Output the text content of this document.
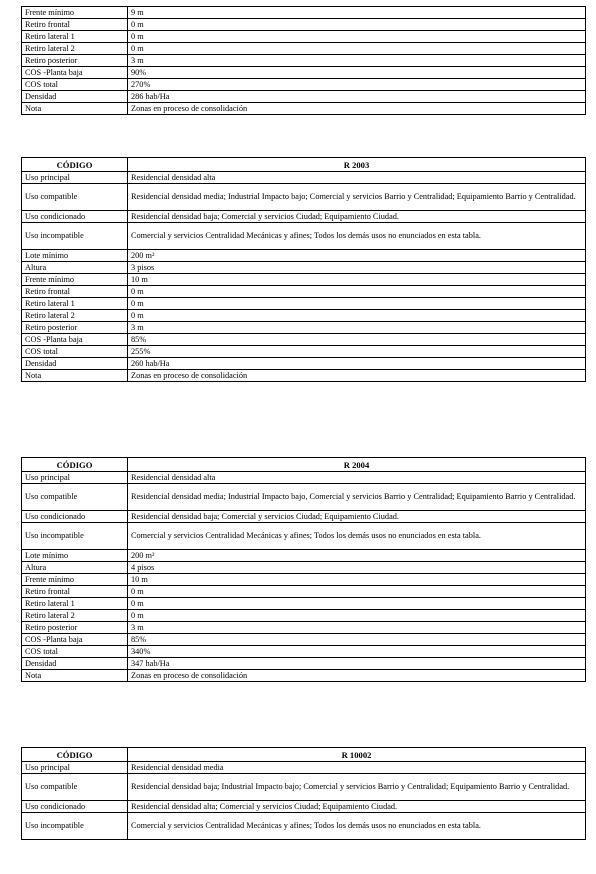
Frente mínimo	9 m
Retiro frontal	0 m
Retiro lateral 1	0 m
Retiro lateral 2	0 m
Retiro posterior	3 m
COS -Planta baja	90%
COS total	270%
Densidad	286 hab/Ha
Nota	Zonas en proceso de consolidación
CÓDIGO	R 2003
Uso principal	Residencial densidad alta
Uso compatible	Residencial densidad media; Industrial Impacto bajo; Comercial y servicios Barrio y Centralidad; Equipamiento Barrio y Centralidad.
Uso condicionado	Residencial densidad baja; Comercial y servicios Ciudad; Equipamiento Ciudad.
Uso incompatible	Comercial y servicios Centralidad Mecánicas y afines; Todos los demás usos no enunciados en esta tabla.
Lote mínimo	200 m²
Altura	3 pisos
Frente mínimo	10 m
Retiro frontal	0 m
Retiro lateral 1	0 m
Retiro lateral 2	0 m
Retiro posterior	3 m
COS -Planta baja	85%
COS total	255%
Densidad	260 hab/Ha
Nota	Zonas en proceso de consolidación
CÓDIGO	R 2004
Uso principal	Residencial densidad alta
Uso compatible	Residencial densidad media; Industrial Impacto bajo, Comercial y servicios Barrio y Centralidad; Equipamiento Barrio y Centralidad.
Uso condicionado	Residencial densidad baja; Comercial y servicios Ciudad; Equipamiento Ciudad.
Uso incompatible	Comercial y servicios Centralidad Mecánicas y afines; Todos los demás usos no enunciados en esta tabla.
Lote mínimo	200 m²
Altura	4 pisos
Frente mínimo	10 m
Retiro frontal	0 m
Retiro lateral 1	0 m
Retiro lateral 2	0 m
Retiro posterior	3 m
COS -Planta baja	85%
COS total	340%
Densidad	347 hab/Ha
Nota	Zonas en proceso de consolidación
CÓDIGO	R 10002
Uso principal	Residencial densidad media
Uso compatible	Residencial densidad baja; Industrial Impacto bajo; Comercial y servicios Barrio y Centralidad; Equipamiento Barrio y Centralidad.
Uso condicionado	Residencial densidad alta; Comercial y servicios Ciudad; Equipamiento Ciudad.
Uso incompatible	Comercial y servicios Centralidad Mecánicas y afines; Todos los demás usos no enunciados en esta tabla.
